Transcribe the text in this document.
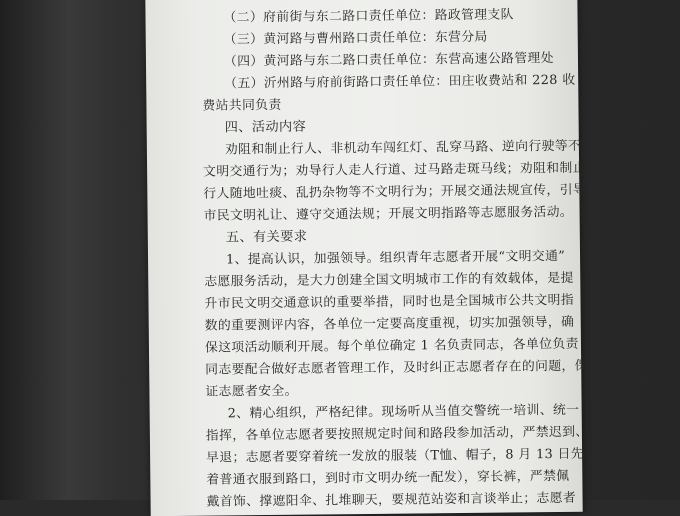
（二）府前街与东二路口责任单位：路政管理支队
（三）黄河路与曹州路口责任单位：东营分局
（四）黄河路与东二路口责任单位：东营高速公路管理处
（五）沂州路与府前街路口责任单位：田庄收费站和 228 收
费站共同负责
四、活动内容
劝阻和制止行人、非机动车闯红灯、乱穿马路、逆向行驶等不
文明交通行为；劝导行人走人行道、过马路走斑马线；劝阻和制止
行人随地吐痰、乱扔杂物等不文明行为；开展交通法规宣传，引导
市民文明礼让、遵守交通法规；开展文明指路等志愿服务活动。
五、有关要求
1、提高认识，加强领导。组织青年志愿者开展“文明交通”
志愿服务活动，是大力创建全国文明城市工作的有效载体，是提
升市民文明交通意识的重要举措，同时也是全国城市公共文明指
数的重要测评内容，各单位一定要高度重视，切实加强领导，确
保这项活动顺利开展。每个单位确定 1 名负责同志，各单位负责
同志要配合做好志愿者管理工作，及时纠正志愿者存在的问题，保
证志愿者安全。
2、精心组织，严格纪律。现场听从当值交警统一培训、统一
指挥，各单位志愿者要按照规定时间和路段参加活动，严禁迟到、
早退；志愿者要穿着统一发放的服装（T恤、帽子，8 月 13 日先
着普通衣服到路口，到时市文明办统一配发），穿长裤，严禁佩
戴首饰、撑遮阳伞、扎堆聊天，要规范站姿和言谈举止；志愿者
